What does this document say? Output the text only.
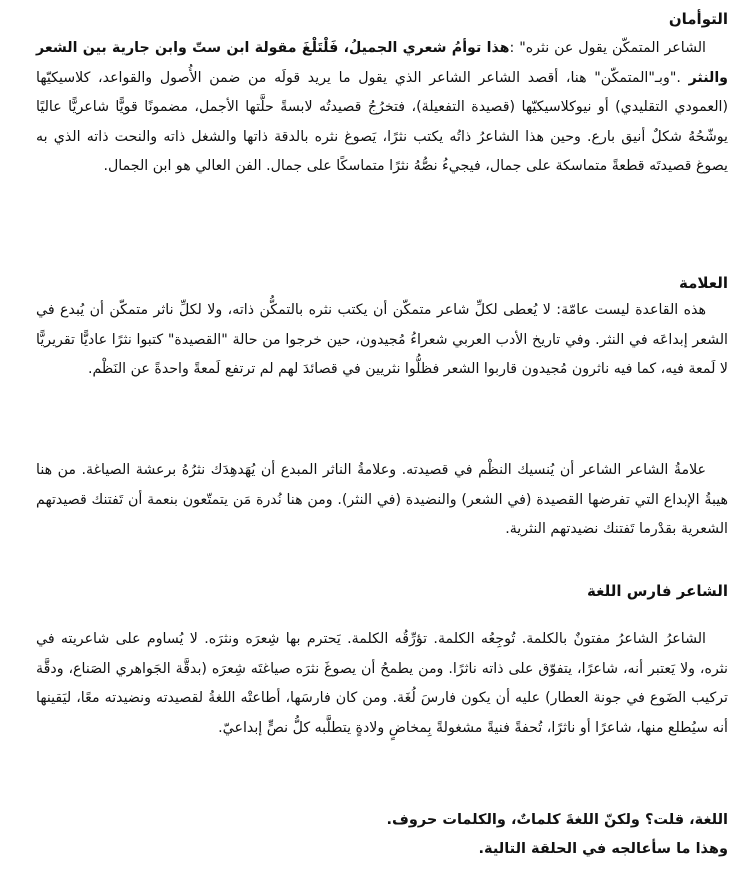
التوأمان

الشاعر المتمكّن يقول عن نثره" :هذا توأمُ شعري الجميلُ، فَلْتَلْغَ مقولة ابن ستّ وابن جارية بين الشعر والنثر ."وبـ"المتمكّن" هنا، أقصد الشاعر الشاعر الذي يقول ما يريد قولَه من ضمن الأُصول والقواعد، كلاسيكيّها (العمودي التقليدي) أو نيوكلاسيكيّها (قصيدة التفعيلة)، فتخرُجُ قصيدتُه لابسةً حلَّتها الأجمل، مضمونًا قويًّا شاعريًّا عاليًا يوشّحُهُ شكلٌ أنيق بارع. وحين هذا الشاعرُ ذاتُه يكتب نثرًا، يَصوغ نثره بالدقة ذاتها والشغل ذاته والنحت ذاته الذي به يصوغ قصيدتَه قطعةً متماسكة على جمال، فيجيءُ نصُّهُ نثرًا متماسكًا على جمال. الفن العالي هو ابن الجمال.

العلامة

هذه القاعدة ليست عامّة: لا يُعطى لكلِّ شاعر متمكّن أن يكتب نثره بالتمكُّن ذاته، ولا لكلِّ ناثر متمكّن أن يُبدع في الشعر إبداعَه في النثر. وفي تاريخ الأدب العربي شعراءُ مُجيدون، حين خرجوا من حالة "القصيدة" كتبوا نثرًا عاديًّا تقريريًّا لا لَمعة فيه، كما فيه ناثرون مُجيدون قاربوا الشعر فظلُّوا نثريين في قصائدَ لهم لم ترتفع لَمعةً واحدةً عن النَظْم.

علامةُ الشاعر الشاعر أن يُنسيك النظْم في قصيدته. وعلامةُ الناثر المبدع أن يُهَدهِدَك نثرُهُ برعشة الصياغة. من هنا هيبةُ الإبداع التي تفرضها القصيدة (في الشعر) والنضيدة (في النثر). ومن هنا نُدرة مَن يتمتّعون بنعمة أن تَفتنك قصيدتهم الشعرية بقدْرما تَفتنك نضيدتهم النثرية.

الشاعر فارس اللغة

الشاعرُ الشاعرُ مفتونٌ بالكلمة. تُوجِعُه الكلمة. تؤرِّقُه الكلمة. يَحترم بها شِعرَه ونثرَه. لا يُساوم على شاعريته في نثره، ولا يَعتبر أنه، شاعرًا، يتفوّق على ذاته ناثرًا. ومن يطمحُ أن يصوغَ نثرَه صياغتَه شِعرَه (بدقَّة الجَواهري الصَناع، ودقَّة تركيب الضَوع في جونة العطار) عليه أن يكون فارسَ لُغَة. ومن كان فارسَها، أطاعتْه اللغةُ لقصيدته ونضيدته معًا، ليَقينها أنه سيُطلع منها، شاعرًا أو ناثرًا، تُحفةً فنيةً مشغولةً بِمخاضٍ ولادةٍ يتطلَّبه كلُّ نصٍّ إبداعيّ.

اللغة، قلت؟ ولكنّ اللغةَ كلماتٌ، والكلمات حروف.

وهذا ما سأعالجه في الحلقة التالية.
